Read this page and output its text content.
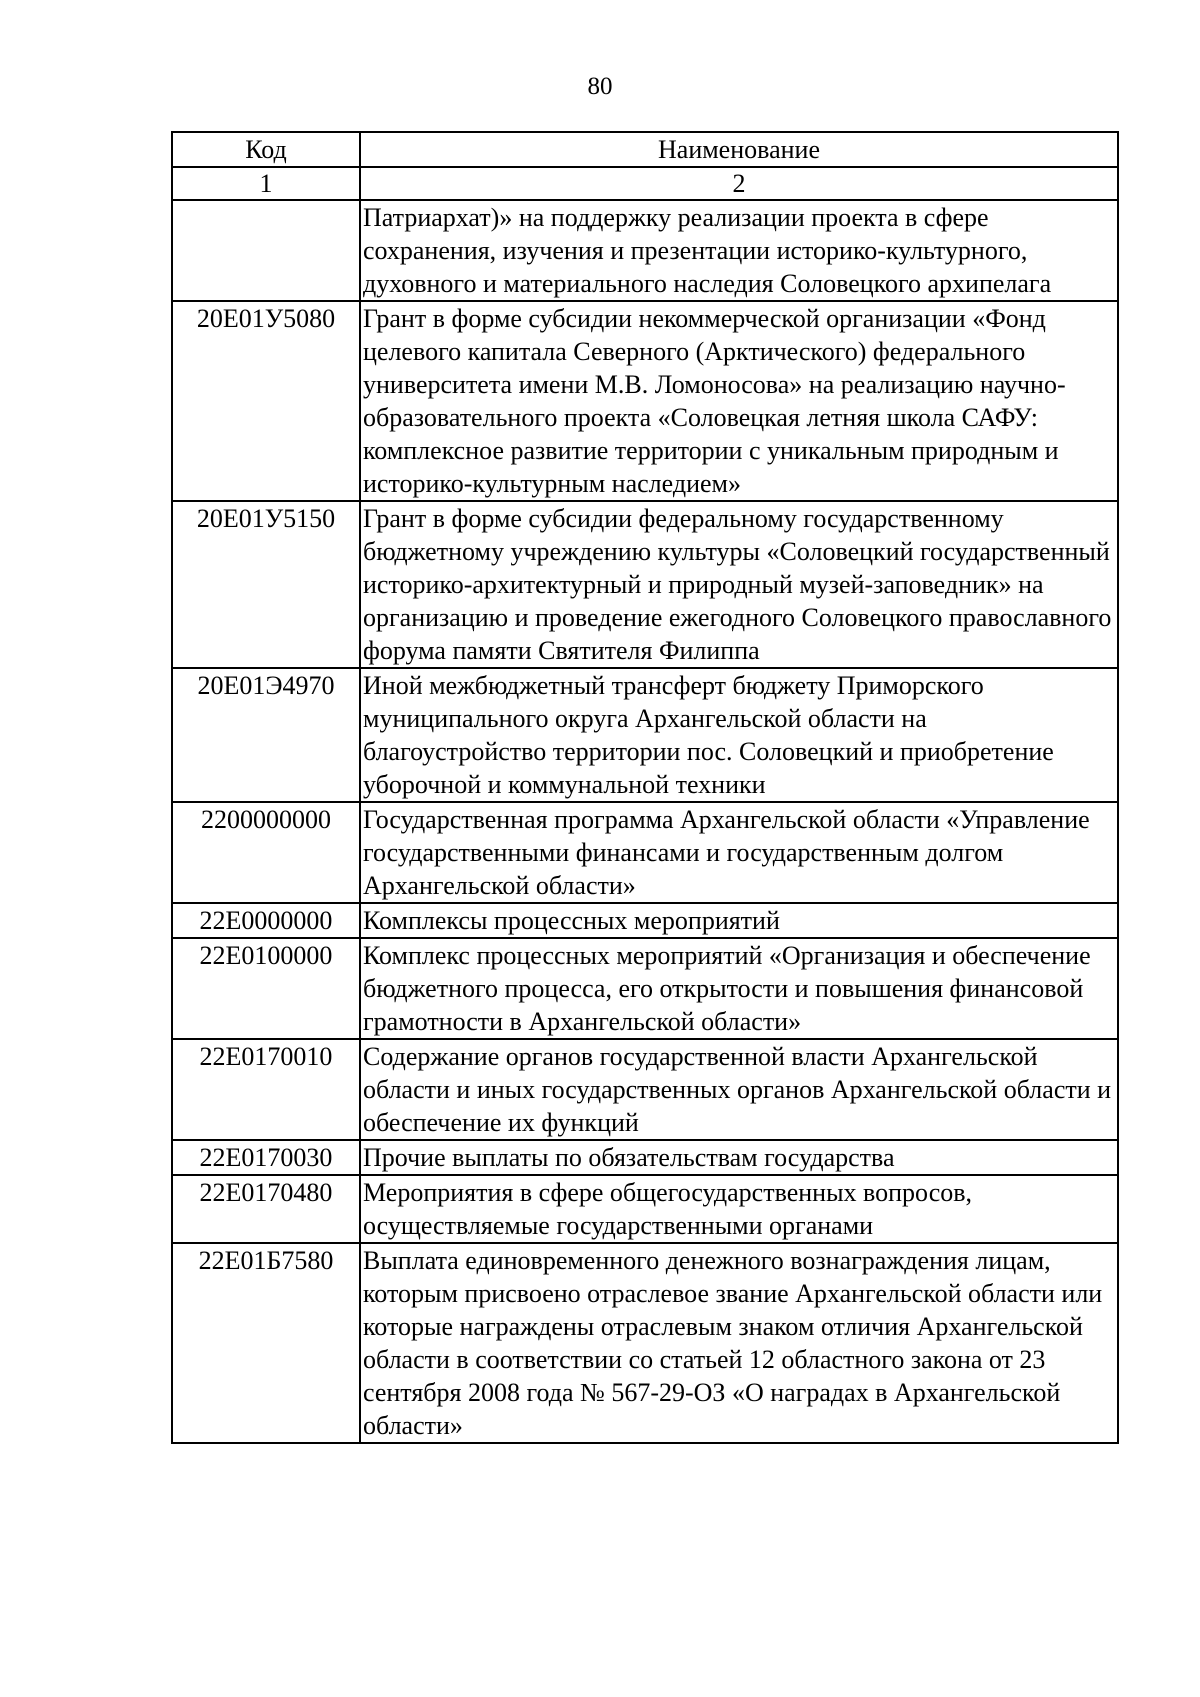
80
Код	Наименование
1	2
	Патриархат)» на поддержку реализации проекта в сфере сохранения, изучения и презентации историко-культурного, духовного и материального наследия Соловецкого архипелага
20Е01У5080	Грант в форме субсидии некоммерческой организации «Фонд целевого капитала Северного (Арктического) федерального университета имени М.В. Ломоносова» на реализацию научно-образовательного проекта «Соловецкая летняя школа САФУ: комплексное развитие территории с уникальным природным и историко-культурным наследием»
20Е01У5150	Грант в форме субсидии федеральному государственному бюджетному учреждению культуры «Соловецкий государственный историко-архитектурный и природный музей-заповедник» на организацию и проведение ежегодного Соловецкого православного форума памяти Святителя Филиппа
20Е01Э4970	Иной межбюджетный трансферт бюджету Приморского муниципального округа Архангельской области на благоустройство территории пос. Соловецкий и приобретение уборочной и коммунальной техники
2200000000	Государственная программа Архангельской области «Управление государственными финансами и государственным долгом Архангельской области»
22Е0000000	Комплексы процессных мероприятий
22Е0100000	Комплекс процессных мероприятий «Организация и обеспечение бюджетного процесса, его открытости и повышения финансовой грамотности в Архангельской области»
22Е0170010	Содержание органов государственной власти Архангельской области и иных государственных органов Архангельской области и обеспечение их функций
22Е0170030	Прочие выплаты по обязательствам государства
22Е0170480	Мероприятия в сфере общегосударственных вопросов, осуществляемые государственными органами
22Е01Б7580	Выплата единовременного денежного вознаграждения лицам, которым присвоено отраслевое звание Архангельской области или которые награждены отраслевым знаком отличия Архангельской области в соответствии со статьей 12 областного закона от 23 сентября 2008 года № 567-29-ОЗ «О наградах в Архангельской области»
